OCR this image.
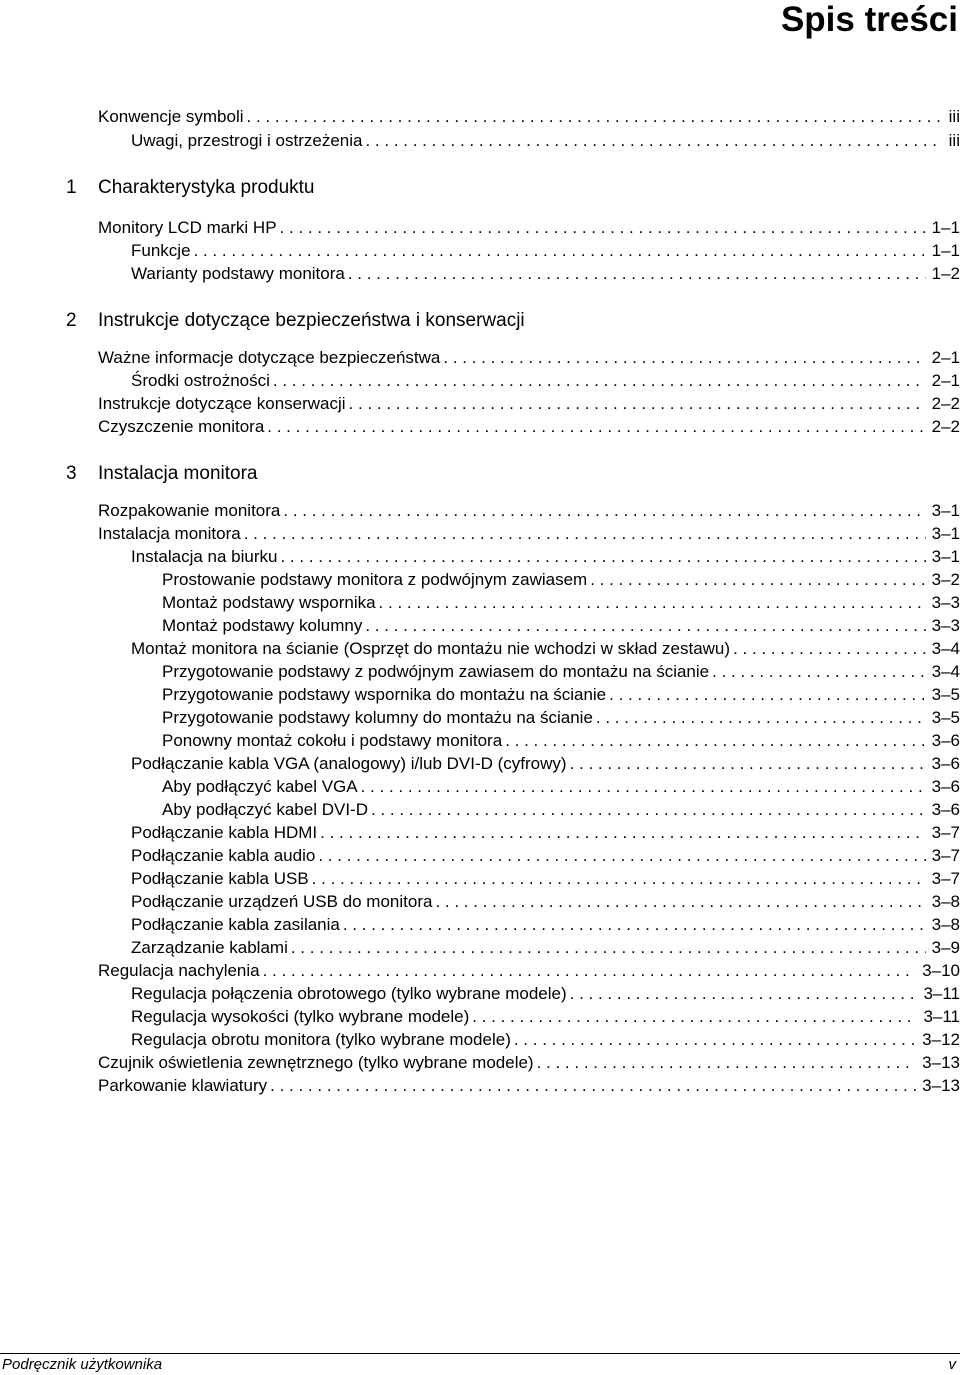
Spis treści
Konwencje symboli . . .	iii
Uwagi, przestrogi i ostrzeżenia . . .	iii
1	Charakterystyka produktu
Monitory LCD marki HP . . .	1–1
Funkcje . . .	1–1
Warianty podstawy monitora . . .	1–2
2	Instrukcje dotyczące bezpieczeństwa i konserwacji
Ważne informacje dotyczące bezpieczeństwa . . .	2–1
Środki ostrożności . . .	2–1
Instrukcje dotyczące konserwacji . . .	2–2
Czyszczenie monitora . . .	2–2
3	Instalacja monitora
Rozpakowanie monitora . . .	3–1
Instalacja monitora . . .	3–1
Instalacja na biurku . . .	3–1
Prostowanie podstawy monitora z podwójnym zawiasem . . .	3–2
Montaż podstawy wspornika . . .	3–3
Montaż podstawy kolumny . . .	3–3
Montaż monitora na ścianie (Osprzęt do montażu nie wchodzi w skład zestawu) . . .	3–4
Przygotowanie podstawy z podwójnym zawiasem do montażu na ścianie . . .	3–4
Przygotowanie podstawy wspornika do montażu na ścianie . . .	3–5
Przygotowanie podstawy kolumny do montażu na ścianie . . .	3–5
Ponowny montaż cokołu i podstawy monitora . . .	3–6
Podłączanie kabla VGA (analogowy) i/lub DVI-D (cyfrowy) . . .	3–6
Aby podłączyć kabel VGA . . .	3–6
Aby podłączyć kabel DVI-D . . .	3–6
Podłączanie kabla HDMI . . .	3–7
Podłączanie kabla audio . . .	3–7
Podłączanie kabla USB . . .	3–7
Podłączanie urządzeń USB do monitora . . .	3–8
Podłączanie kabla zasilania . . .	3–8
Zarządzanie kablami . . .	3–9
Regulacja nachylenia . . .	3–10
Regulacja połączenia obrotowego (tylko wybrane modele) . . .	3–11
Regulacja wysokości (tylko wybrane modele) . . .	3–11
Regulacja obrotu monitora (tylko wybrane modele) . . .	3–12
Czujnik oświetlenia zewnętrznego (tylko wybrane modele) . . .	3–13
Parkowanie klawiatury . . .	3–13
Podręcznik użytkownika	v
